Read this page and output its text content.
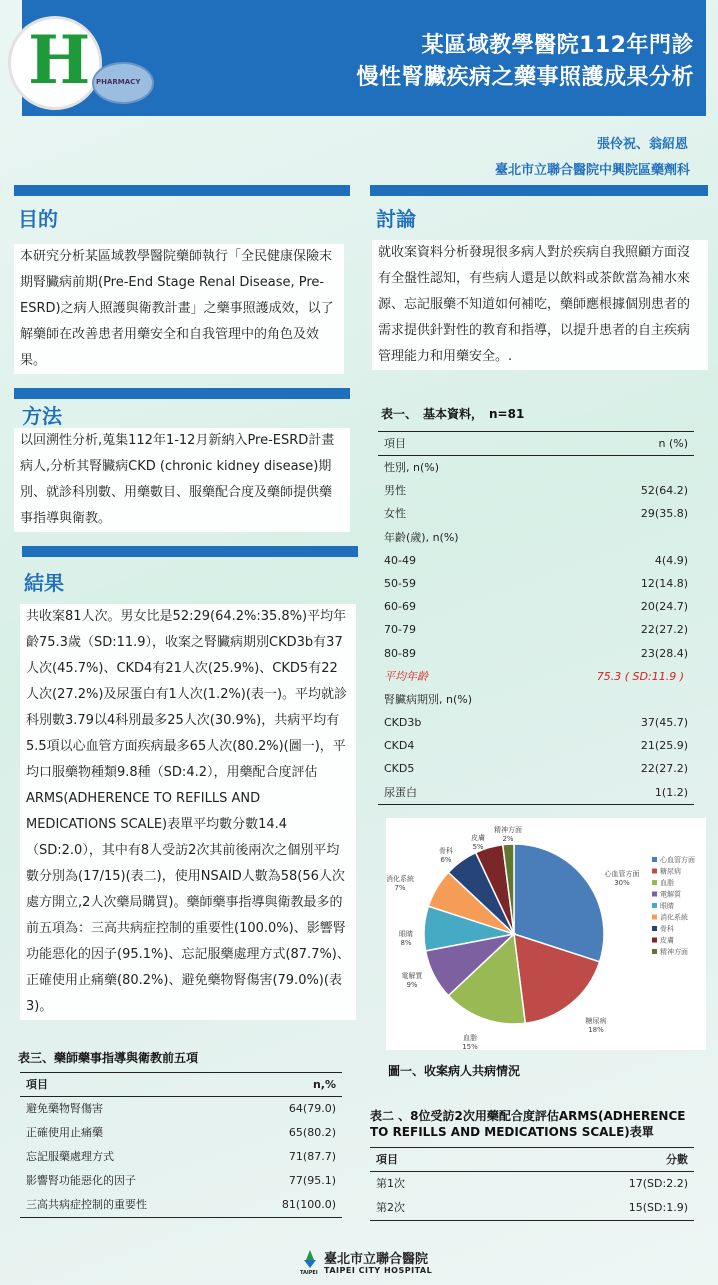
某區域教學醫院112年門診
慢性腎臟疾病之藥事照護成果分析
H PHARMACY
張伶祝、翁紹恩
臺北市立聯合醫院中興院區藥劑科
目的
本研究分析某區域教學醫院藥師執行「全民健康保險末期腎臟病前期(Pre-End Stage Renal Disease, Pre-ESRD)之病人照護與衛教計畫」之藥事照護成效，以了解藥師在改善患者用藥安全和自我管理中的角色及效果。
方法
以回溯性分析,蒐集112年1-12月新納入Pre-ESRD計畫病人,分析其腎臟病CKD (chronic kidney disease)期別、就診科別數、用藥數目、服藥配合度及藥師提供藥事指導與衛教。
結果
共收案81人次。男女比是52:29(64.2%:35.8%)平均年齡75.3歲（SD:11.9），收案之腎臟病期別CKD3b有37人次(45.7%)、CKD4有21人次(25.9%)、CKD5有22人次(27.2%)及尿蛋白有1人次(1.2%)(表一)。平均就診科別數3.79以4科別最多25人次(30.9%)，共病平均有5.5項以心血管方面疾病最多65人次(80.2%)(圖一)，平均口服藥物種類9.8種（SD:4.2），用藥配合度評估ARMS(ADHERENCE TO REFILLS AND MEDICATIONS SCALE)表單平均數分數14.4（SD:2.0），其中有8人受訪2次其前後兩次之個別平均數分別為(17/15)(表二)，使用NSAID人數為58(56人次處方開立,2人次藥局購買)。藥師藥事指導與衛教最多的前五項為：三高共病症控制的重要性(100.0%)、影響腎功能惡化的因子(95.1%)、忘記服藥處理方式(87.7%)、正確使用止痛藥(80.2%)、避免藥物腎傷害(79.0%)(表3)。
討論
就收案資料分析發現很多病人對於疾病自我照顧方面沒有全盤性認知，有些病人還是以飲料或茶飲當為補水來源、忘記服藥不知道如何補吃，藥師應根據個別患者的需求提供針對性的教育和指導，以提升患者的自主疾病管理能力和用藥安全。.
表一、　基本資料，　n=81
項目	n (%)
性別, n(%)
男性	52(64.2)
女性	29(35.8)
年齡(歲), n(%)
40-49	4(4.9)
50-59	12(14.8)
60-69	20(24.7)
70-79	22(27.2)
80-89	23(28.4)
平均年齡	75.3 ( SD:11.9 )
腎臟病期別, n(%)
CKD3b	37(45.7)
CKD4	21(25.9)
CKD5	22(27.2)
尿蛋白	1(1.2)
心血管方面
30%
心血管方面
糖尿病
18%
糖尿病
血脂
15%
血脂
電解質
9%
電解質
眼睛
8%
眼睛
消化系統
7%
消化系統
骨科
6%
骨科
皮膚
5%
皮膚
精神方面
2%
精神方面
圖一、收案病人共病情況
表二 、8位受訪2次用藥配合度評估ARMS(ADHERENCE TO REFILLS AND MEDICATIONS SCALE)表單
項目	分數
第1次	17(SD:2.2)
第2次	15(SD:1.9)
表三、藥師藥事指導與衛教前五項
項目	n,%
避免藥物腎傷害	64(79.0)
正確使用止痛藥	65(80.2)
忘記服藥處理方式	71(87.7)
影響腎功能惡化的因子	77(95.1)
三高共病症控制的重要性	81(100.0)
TAIPEI
臺北市立聯合醫院
TAIPEI CITY HOSPITAL
